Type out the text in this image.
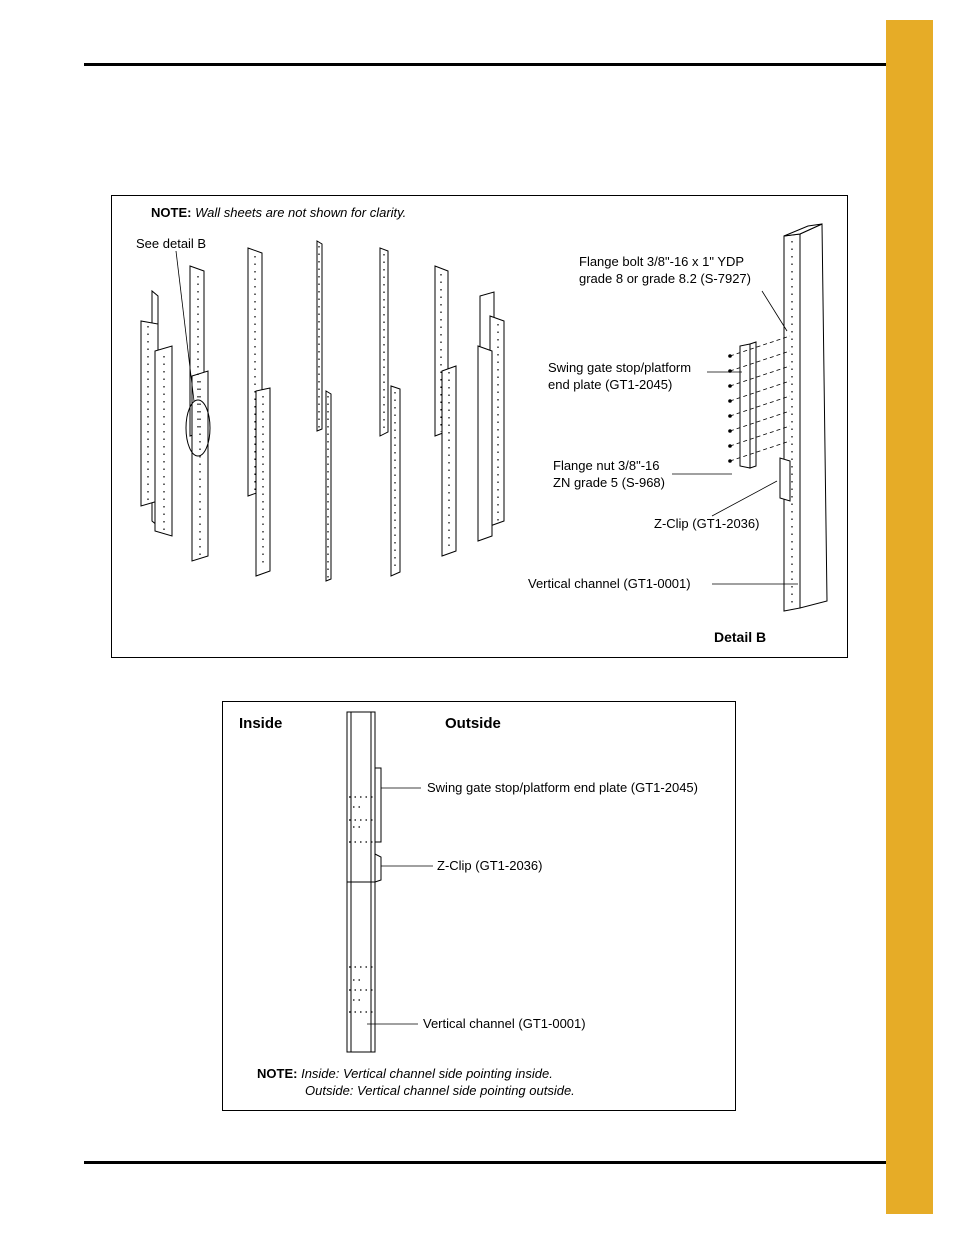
NOTE: Wall sheets are not shown for clarity.
See detail B
Flange bolt 3/8"-16 x 1" YDP
grade 8 or grade 8.2 (S-7927)
Swing gate stop/platform
end plate (GT1-2045)
Flange nut 3/8"-16
ZN grade 5 (S-968)
Z-Clip (GT1-2036)
Vertical channel (GT1-0001)
Detail B
Inside	Outside
Swing gate stop/platform end plate (GT1-2045)
Z-Clip (GT1-2036)
Vertical channel (GT1-0001)
NOTE: Inside: Vertical channel side pointing inside.
Outside: Vertical channel side pointing outside.
